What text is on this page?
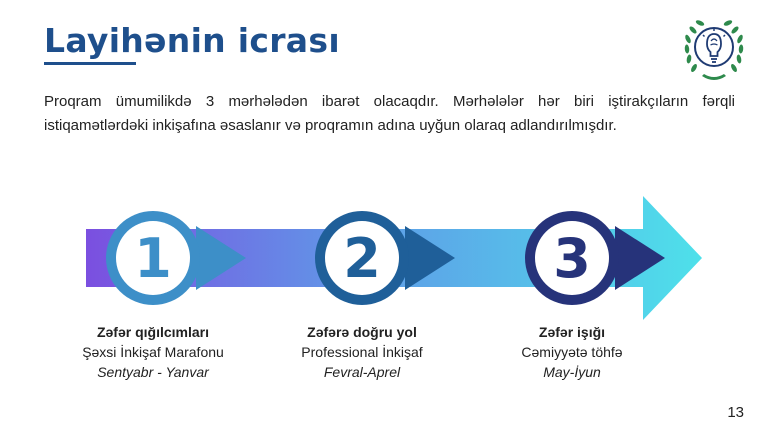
Layihənin icrası
Proqram ümumilikdə 3 mərhələdən ibarət olacaqdır. Mərhələlər hər biri iştirakçıların fərqli istiqamətlərdəki inkişafına əsaslanır və proqramın adına uyğun olaraq adlandırılmışdır.
1	2	3
Zəfər qığılcımları
Şəxsi İnkişaf Marafonu
Sentyabr - Yanvar
Zəfərə doğru yol
Professional İnkişaf
Fevral-Aprel
Zəfər işığı
Cəmiyyətə töhfə
May-İyun
13
